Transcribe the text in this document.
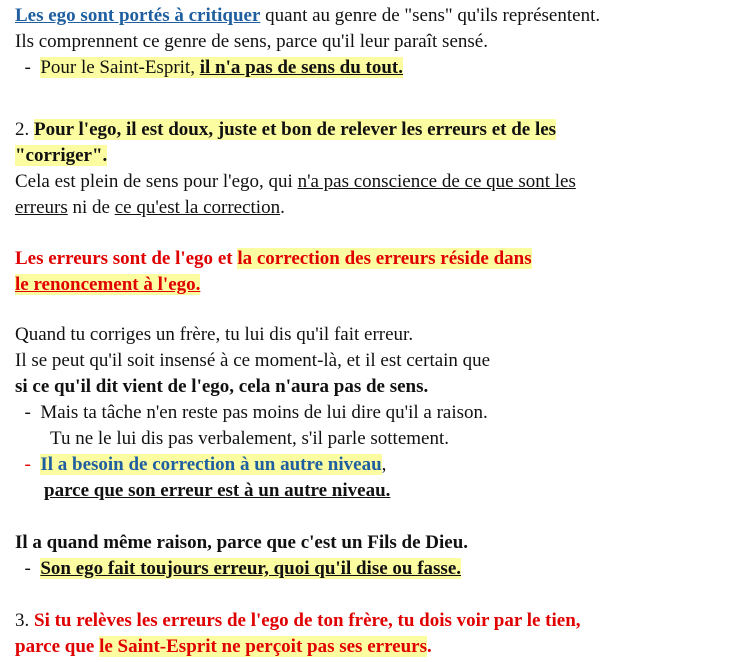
Les ego sont portés à critiquer quant au genre de "sens" qu'ils représentent.
Ils comprennent ce genre de sens, parce qu'il leur paraît sensé.
-  Pour le Saint-Esprit, il n'a pas de sens du tout.
2. Pour l'ego, il est doux, juste et bon de relever les erreurs et de les
"corriger".
Cela est plein de sens pour l'ego, qui n'a pas conscience de ce que sont les
erreurs ni de ce qu'est la correction.
Les erreurs sont de l'ego et la correction des erreurs réside dans
le renoncement à l'ego.
Quand tu corriges un frère, tu lui dis qu'il fait erreur.
Il se peut qu'il soit insensé à ce moment-là, et il est certain que
si ce qu'il dit vient de l'ego, cela n'aura pas de sens.
-  Mais ta tâche n'en reste pas moins de lui dire qu'il a raison.
Tu ne le lui dis pas verbalement, s'il parle sottement.
-  Il a besoin de correction à un autre niveau,
parce que son erreur est à un autre niveau.
Il a quand même raison, parce que c'est un Fils de Dieu.
-  Son ego fait toujours erreur, quoi qu'il dise ou fasse.
3. Si tu relèves les erreurs de l'ego de ton frère, tu dois voir par le tien,
parce que le Saint-Esprit ne perçoit pas ses erreurs.
